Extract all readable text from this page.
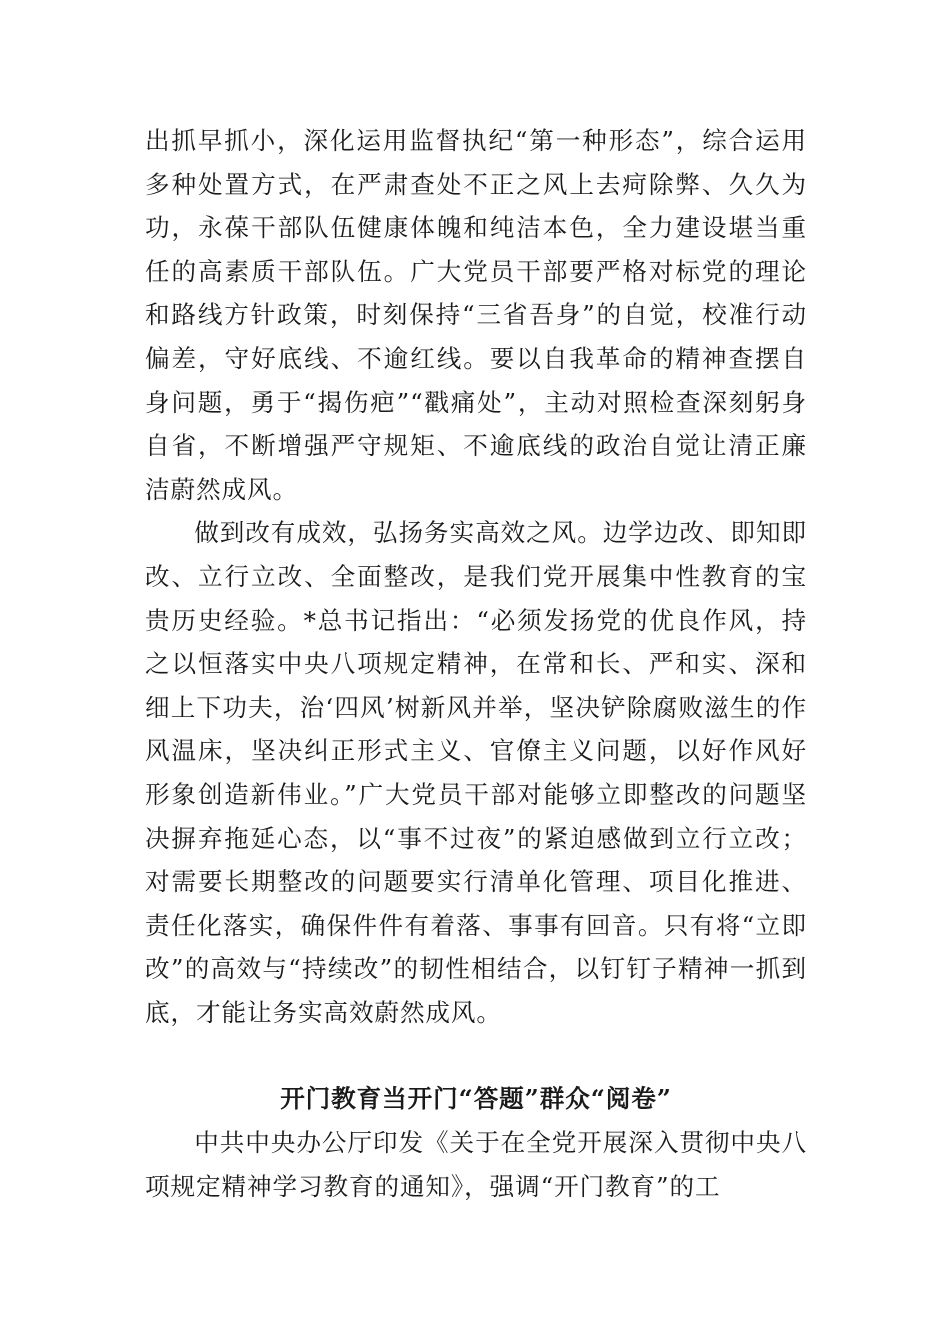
出抓早抓小，深化运用监督执纪“第一种形态”，综合运用多种处置方式，在严肃查处不正之风上去疴除弊、久久为功，永葆干部队伍健康体魄和纯洁本色，全力建设堪当重任的高素质干部队伍。广大党员干部要严格对标党的理论和路线方针政策，时刻保持“三省吾身”的自觉，校准行动偏差，守好底线、不逾红线。要以自我革命的精神查摆自身问题，勇于“揭伤疤”“戳痛处”，主动对照检查深刻躬身自省，不断增强严守规矩、不逾底线的政治自觉让清正廉洁蔚然成风。

做到改有成效，弘扬务实高效之风。边学边改、即知即改、立行立改、全面整改，是我们党开展集中性教育的宝贵历史经验。*总书记指出：“必须发扬党的优良作风，持之以恒落实中央八项规定精神，在常和长、严和实、深和细上下功夫，治‘四风’树新风并举，坚决铲除腐败滋生的作风温床，坚决纠正形式主义、官僚主义问题，以好作风好形象创造新伟业。”广大党员干部对能够立即整改的问题坚决摒弃拖延心态，以“事不过夜”的紧迫感做到立行立改；对需要长期整改的问题要实行清单化管理、项目化推进、责任化落实，确保件件有着落、事事有回音。只有将“立即改”的高效与“持续改”的韧性相结合，以钉钉子精神一抓到底，才能让务实高效蔚然成风。

开门教育当开门“答题”群众“阅卷”

中共中央办公厅印发《关于在全党开展深入贯彻中央八项规定精神学习教育的通知》，强调“开门教育”的工
